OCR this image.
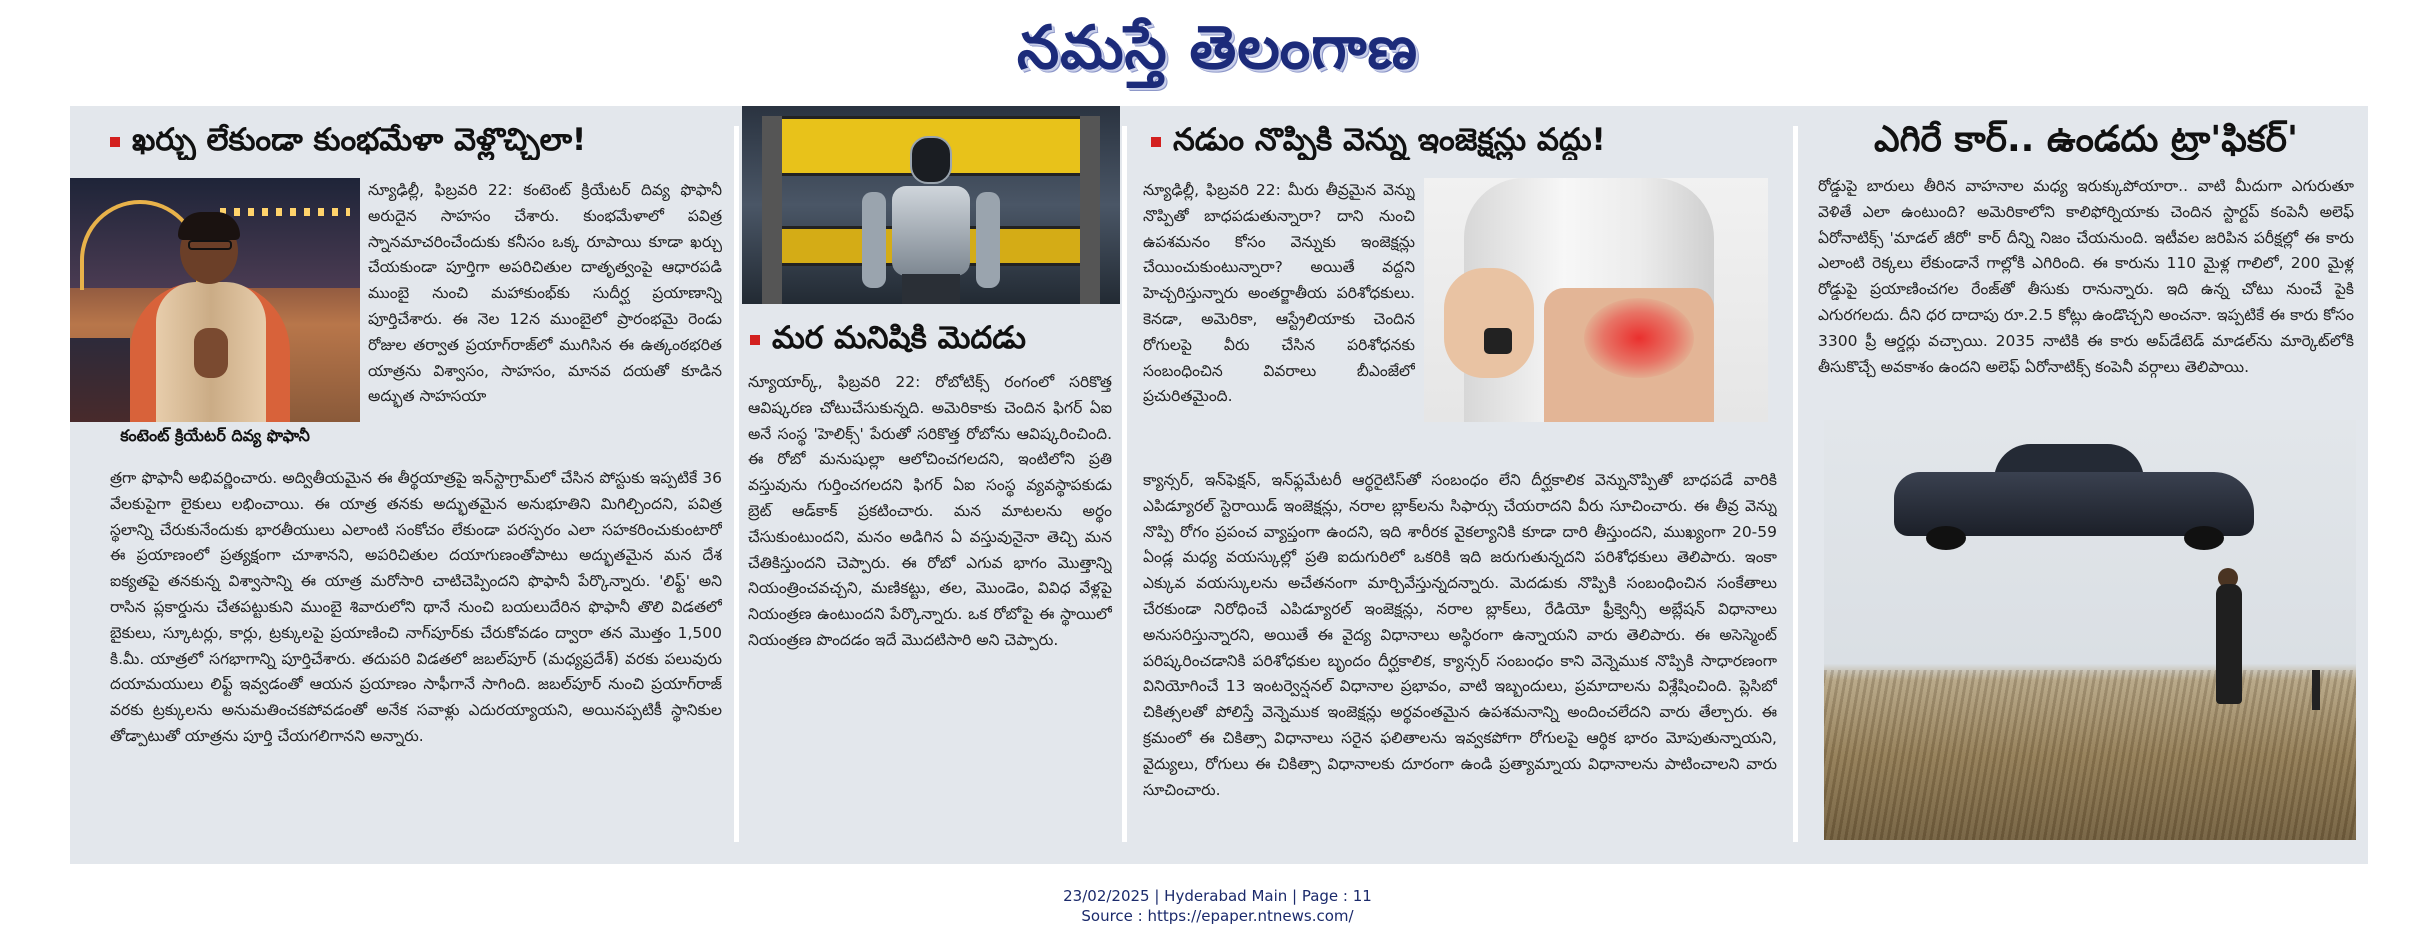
నమస్తే తెలంగాణ
ఖర్చు లేకుండా కుంభమేళా వెళ్లొచ్చిలా!
కంటెంట్‌ క్రియేటర్‌ దివ్య ఫొఫానీ
న్యూఢిల్లీ, ఫిబ్రవరి 22: కంటెంట్‌ క్రియేటర్‌ దివ్య ఫొఫానీ అరుదైన సాహసం చేశారు. కుంభమేళాలో పవిత్ర స్నానమాచరించేందుకు కనీసం ఒక్క రూపాయి కూడా ఖర్చు చేయకుండా పూర్తిగా అపరిచితుల దాతృత్వంపై ఆధారపడి ముంబై నుంచి మహాకుంభ్‌కు సుదీర్ఘ ప్రయాణాన్ని పూర్తిచేశారు. ఈ నెల 12న ముంబైలో ప్రారంభమై రెండు రోజుల తర్వాత ప్రయాగ్‌రాజ్‌లో ముగిసిన ఈ ఉత్కంఠభరిత యాత్రను విశ్వాసం, సాహసం, మానవ దయతో కూడిన అద్భుత సాహసయా
త్రగా ఫొఫానీ అభివర్ణించారు. అద్వితీయమైన ఈ తీర్థయాత్రపై ఇన్‌స్టాగ్రామ్‌లో చేసిన పోస్టుకు ఇప్పటికే 36 వేలకుపైగా లైకులు లభించాయి. ఈ యాత్ర తనకు అద్భుతమైన అనుభూతిని మిగిల్చిందని, పవిత్ర స్థలాన్ని చేరుకునేందుకు భారతీయులు ఎలాంటి సంకోచం లేకుండా పరస్పరం ఎలా సహకరించుకుంటారో ఈ ప్రయాణంలో ప్రత్యక్షంగా చూశానని, అపరిచితుల దయాగుణంతోపాటు అద్భుతమైన మన దేశ ఐక్యతపై తనకున్న విశ్వాసాన్ని ఈ యాత్ర మరోసారి చాటిచెప్పిందని ఫొఫానీ పేర్కొన్నారు. 'లిఫ్ట్‌' అని రాసిన ప్లకార్డును చేతపట్టుకుని ముంబై శివారులోని థానే నుంచి బయలుదేరిన ఫొఫానీ తొలి విడతలో బైకులు, స్కూటర్లు, కార్లు, ట్రక్కులపై ప్రయాణించి నాగ్‌పూర్‌కు చేరుకోవడం ద్వారా తన మొత్తం 1,500 కి.మీ. యాత్రలో సగభాగాన్ని పూర్తిచేశారు. తదుపరి విడతలో జబల్‌పూర్‌ (మధ్యప్రదేశ్‌) వరకు పలువురు దయామయులు లిఫ్ట్‌ ఇవ్వడంతో ఆయన ప్రయాణం సాఫీగానే సాగింది. జబల్‌పూర్‌ నుంచి ప్రయాగ్‌రాజ్‌ వరకు ట్రక్కులను అనుమతించకపోవడంతో అనేక సవాళ్లు ఎదురయ్యాయని, అయినప్పటికీ స్థానికుల తోడ్పాటుతో యాత్రను పూర్తి చేయగలిగానని అన్నారు.
మర మనిషికి మెదడు
న్యూయార్క్‌, ఫిబ్రవరి 22: రోబోటిక్స్‌ రంగంలో సరికొత్త ఆవిష్కరణ చోటుచేసుకున్నది. అమెరికాకు చెందిన ఫిగర్‌ ఏఐ అనే సంస్థ 'హెలిక్స్‌' పేరుతో సరికొత్త రోబోను ఆవిష్కరించింది. ఈ రోబో మనుషుల్లా ఆలోచించగలదని, ఇంటిలోని ప్రతి వస్తువును గుర్తించగలదని ఫిగర్‌ ఏఐ సంస్థ వ్యవస్థాపకుడు బ్రెట్‌ ఆడ్‌కాక్‌ ప్రకటించారు. మన మాటలను అర్థం చేసుకుంటుందని, మనం అడిగిన ఏ వస్తువునైనా తెచ్చి మన చేతికిస్తుందని చెప్పారు. ఈ రోబో ఎగువ భాగం మొత్తాన్ని నియంత్రించవచ్చని, మణికట్టు, తల, మొండెం, వివిధ వేళ్లపై నియంత్రణ ఉంటుందని పేర్కొన్నారు. ఒక రోబోపై ఈ స్థాయిలో నియంత్రణ పొందడం ఇదే మొదటిసారి అని చెప్పారు.
నడుం నొప్పికి వెన్ను ఇంజెక్షన్లు వద్దు!
న్యూఢిల్లీ, ఫిబ్రవరి 22: మీరు తీవ్రమైన వెన్ను నొప్పితో బాధపడుతున్నారా? దాని నుంచి ఉపశమనం కోసం వెన్నుకు ఇంజెక్షన్లు చేయించుకుంటున్నారా? అయితే వద్దని హెచ్చరిస్తున్నారు అంతర్జాతీయ పరిశోధకులు. కెనడా, అమెరికా, ఆస్ట్రేలియాకు చెందిన రోగులపై వీరు చేసిన పరిశోధనకు సంబంధించిన వివరాలు బీఎంజేలో ప్రచురితమైంది.
క్యాన్సర్‌, ఇన్‌ఫెక్షన్‌, ఇన్‌ఫ్లమేటరీ ఆర్థరైటిస్‌తో సంబంధం లేని దీర్ఘకాలిక వెన్నునొప్పితో బాధపడే వారికి ఎపిడ్యూరల్‌ స్టెరాయిడ్‌ ఇంజెక్షన్లు, నరాల బ్లాక్‌లను సిఫార్సు చేయరాదని వీరు సూచించారు. ఈ తీవ్ర వెన్ను నొప్పి రోగం ప్రపంచ వ్యాప్తంగా ఉందని, ఇది శారీరక వైకల్యానికి కూడా దారి తీస్తుందని, ముఖ్యంగా 20-59 ఏండ్ల మధ్య వయస్కుల్లో ప్రతి ఐదుగురిలో ఒకరికి ఇది జరుగుతున్నదని పరిశోధకులు తెలిపారు. ఇంకా ఎక్కువ వయస్కులను అచేతనంగా మార్చివేస్తున్నదన్నారు. మెదడుకు నొప్పికి సంబంధించిన సంకేతాలు చేరకుండా నిరోధించే ఎపిడ్యూరల్‌ ఇంజెక్షన్లు, నరాల బ్లాక్‌లు, రేడియో ఫ్రీక్వెన్సీ అబ్లేషన్‌ విధానాలు అనుసరిస్తున్నారని, అయితే ఈ వైద్య విధానాలు అస్థిరంగా ఉన్నాయని వారు తెలిపారు. ఈ అసెస్మెంట్‌ పరిష్కరించడానికి పరిశోధకుల బృందం దీర్ఘకాలిక, క్యాన్సర్‌ సంబంధం కాని వెన్నెముక నొప్పికి సాధారణంగా వినియోగించే 13 ఇంటర్వెన్షనల్‌ విధానాల ప్రభావం, వాటి ఇబ్బందులు, ప్రమాదాలను విశ్లేషించింది. ప్లెసిబో చికిత్సలతో పోలిస్తే వెన్నెముక ఇంజెక్షన్లు అర్థవంతమైన ఉపశమనాన్ని అందించలేదని వారు తేల్చారు. ఈ క్రమంలో ఈ చికిత్సా విధానాలు సరైన ఫలితాలను ఇవ్వకపోగా రోగులపై ఆర్థిక భారం మోపుతున్నాయని, వైద్యులు, రోగులు ఈ చికిత్సా విధానాలకు దూరంగా ఉండి ప్రత్యామ్నాయ విధానాలను పాటించాలని వారు సూచించారు.
ఎగిరే కార్‌.. ఉండదు ట్రా'ఫికర్‌'
రోడ్డుపై బారులు తీరిన వాహనాల మధ్య ఇరుక్కుపోయారా.. వాటి మీదుగా ఎగురుతూ వెళితే ఎలా ఉంటుంది? అమెరికాలోని కాలిఫోర్నియాకు చెందిన స్టార్టప్‌ కంపెనీ అలెఫ్‌ ఏరోనాటిక్స్‌ 'మాడల్‌ జీరో' కార్‌ దీన్ని నిజం చేయనుంది. ఇటీవల జరిపిన పరీక్షల్లో ఈ కారు ఎలాంటి రెక్కలు లేకుండానే గాల్లోకి ఎగిరింది. ఈ కారును 110 మైళ్ల గాలిలో, 200 మైళ్ల రోడ్డుపై ప్రయాణించగల రేంజ్‌తో తీసుకు రానున్నారు. ఇది ఉన్న చోటు నుంచే పైకి ఎగురగలదు. దీని ధర దాదాపు రూ.2.5 కోట్లు ఉండొచ్చని అంచనా. ఇప్పటికే ఈ కారు కోసం 3300 ప్రీ ఆర్డర్లు వచ్చాయి. 2035 నాటికి ఈ కారు అప్‌డేటెడ్‌ మాడల్‌ను మార్కెట్‌లోకి తీసుకొచ్చే అవకాశం ఉందని అలెఫ్‌ ఏరోనాటిక్స్‌ కంపెనీ వర్గాలు తెలిపాయి.
23/02/2025 | Hyderabad Main | Page : 11
Source : https://epaper.ntnews.com/
